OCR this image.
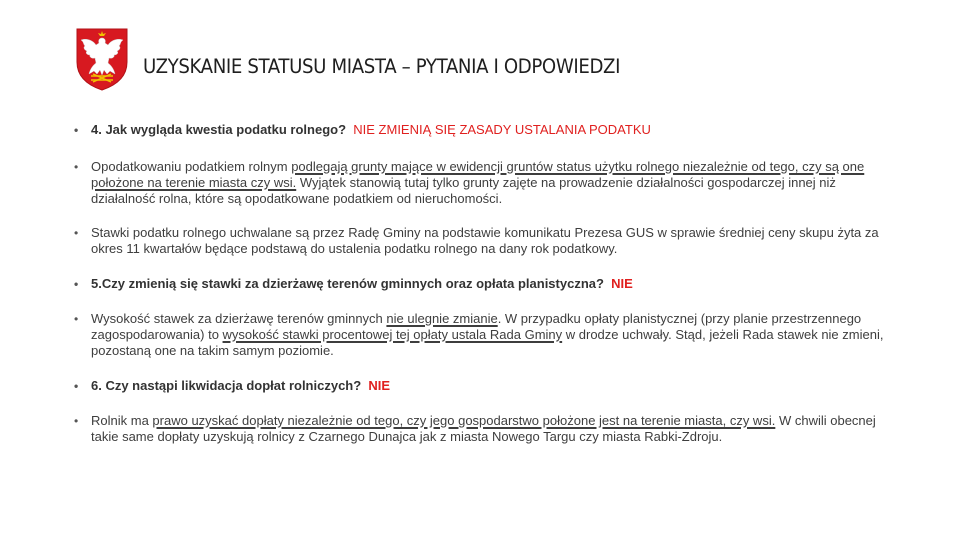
UZYSKANIE STATUSU MIASTA – PYTANIA I ODPOWIEDZI
• 4. Jak wygląda kwestia podatku rolnego? NIE ZMIENIĄ SIĘ ZASADY USTALANIA PODATKU
• Opodatkowaniu podatkiem rolnym podlegają grunty mające w ewidencji gruntów status użytku rolnego niezależnie od tego, czy są one położone na terenie miasta czy wsi. Wyjątek stanowią tutaj tylko grunty zajęte na prowadzenie działalności gospodarczej innej niż działalność rolna, które są opodatkowane podatkiem od nieruchomości.
• Stawki podatku rolnego uchwalane są przez Radę Gminy na podstawie komunikatu Prezesa GUS w sprawie średniej ceny skupu żyta za okres 11 kwartałów będące podstawą do ustalenia podatku rolnego na dany rok podatkowy.
• 5.Czy zmienią się stawki za dzierżawę terenów gminnych oraz opłata planistyczna? NIE
• Wysokość stawek za dzierżawę terenów gminnych nie ulegnie zmianie. W przypadku opłaty planistycznej (przy planie przestrzennego zagospodarowania) to wysokość stawki procentowej tej opłaty ustala Rada Gminy w drodze uchwały. Stąd, jeżeli Rada stawek nie zmieni, pozostaną one na takim samym poziomie.
• 6. Czy nastąpi likwidacja dopłat rolniczych? NIE
• Rolnik ma prawo uzyskać dopłaty niezależnie od tego, czy jego gospodarstwo położone jest na terenie miasta, czy wsi. W chwili obecnej takie same dopłaty uzyskują rolnicy z Czarnego Dunajca jak z miasta Nowego Targu czy miasta Rabki-Zdroju.
